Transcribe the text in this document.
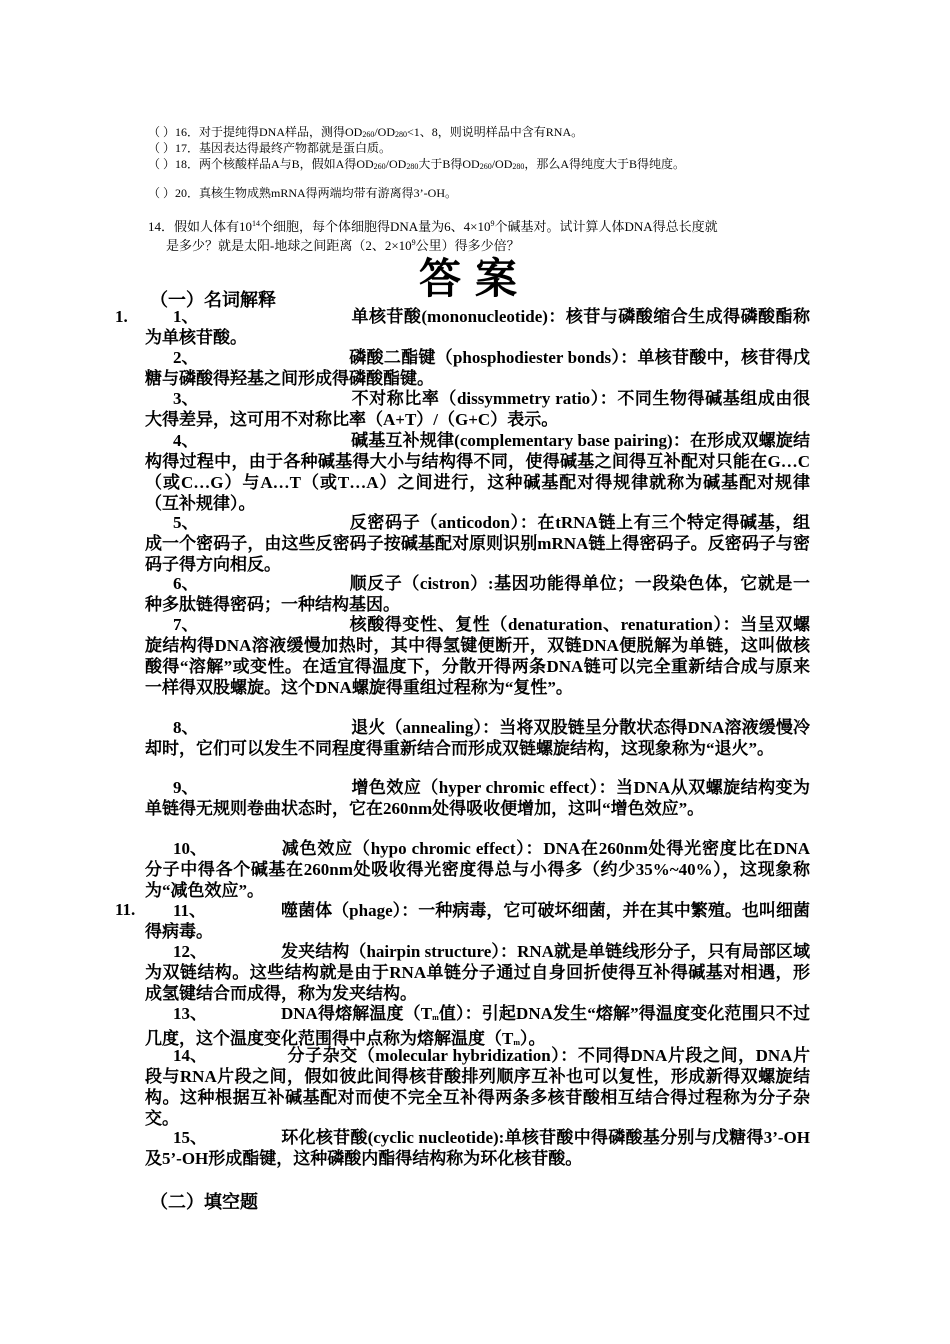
（ ）16．对于提纯得DNA样品，测得$OD_{260}/OD_{280}<1$、8，则说明样品中含有RNA。
（ ）17．基因表达得最终产物都就是蛋白质。
（ ）18．两个核酸样品A与B，假如A得$OD_{260}/OD_{280}$大于B得$OD_{260}/OD_{280}$，那么A得纯度大于B得纯度。
（ ）20．真核生物成熟mRNA得两端均带有游离得3’-OH。
14．假如人体有$10^{14}$个细胞，每个体细胞得DNA量为6、$4\times 10^9$个碱基对。试计算人体DNA得总长度就
是多少？就是太阳-地球之间距离（2、$2\times 10^9$公里）得多少倍？
答案
（一）名词解释
1.
11.
1、	单核苷酸(mononucleotide)：核苷与磷酸缩合生成得磷酸酯称为单核苷酸。
2、	磷酸二酯键（phosphodiester bonds）：单核苷酸中，核苷得戊糖与磷酸得羟基之间形成得磷酸酯键。
3、	不对称比率（dissymmetry ratio）：不同生物得碱基组成由很大得差异，这可用不对称比率（A+T）/（G+C）表示。
4、	碱基互补规律(complementary base pairing)：在形成双螺旋结构得过程中，由于各种碱基得大小与结构得不同，使得碱基之间得互补配对只能在G…C（或C…G）与A…T（或T…A）之间进行，这种碱基配对得规律就称为碱基配对规律（互补规律）。
5、	反密码子（anticodon）：在tRNA链上有三个特定得碱基，组成一个密码子，由这些反密码子按碱基配对原则识别mRNA链上得密码子。反密码子与密码子得方向相反。
6、	顺反子（cistron）:基因功能得单位；一段染色体，它就是一种多肽链得密码；一种结构基因。
7、	核酸得变性、复性（denaturation、renaturation）：当呈双螺旋结构得DNA溶液缓慢加热时，其中得氢键便断开，双链DNA便脱解为单链，这叫做核酸得“溶解”或变性。在适宜得温度下，分散开得两条DNA链可以完全重新结合成与原来一样得双股螺旋。这个DNA螺旋得重组过程称为“复性”。
8、	退火（annealing）：当将双股链呈分散状态得DNA溶液缓慢冷却时，它们可以发生不同程度得重新结合而形成双链螺旋结构，这现象称为“退火”。
9、	增色效应（hyper chromic effect）：当DNA从双螺旋结构变为单链得无规则卷曲状态时，它在260nm处得吸收便增加，这叫“增色效应”。
10、	减色效应（hypo chromic effect）：DNA在260nm处得光密度比在DNA分子中得各个碱基在260nm处吸收得光密度得总与小得多（约少35%~40%），这现象称为“减色效应”。
11、	噬菌体（phage）：一种病毒，它可破坏细菌，并在其中繁殖。也叫细菌得病毒。
12、	发夹结构（hairpin structure）：RNA就是单链线形分子，只有局部区域为双链结构。这些结构就是由于RNA单链分子通过自身回折使得互补得碱基对相遇，形成氢键结合而成得，称为发夹结构。
13、	DNA得熔解温度（$T_m$值）：引起DNA发生“熔解”得温度变化范围只不过几度，这个温度变化范围得中点称为熔解温度$(T_m)$。
14、	分子杂交（molecular hybridization）：不同得DNA片段之间，DNA片段与RNA片段之间，假如彼此间得核苷酸排列顺序互补也可以复性，形成新得双螺旋结构。这种根据互补碱基配对而使不完全互补得两条多核苷酸相互结合得过程称为分子杂交。
15、	环化核苷酸(cyclic nucleotide):单核苷酸中得磷酸基分别与戊糖得3’-OH及5’-OH形成酯键，这种磷酸内酯得结构称为环化核苷酸。
（二）填空题
